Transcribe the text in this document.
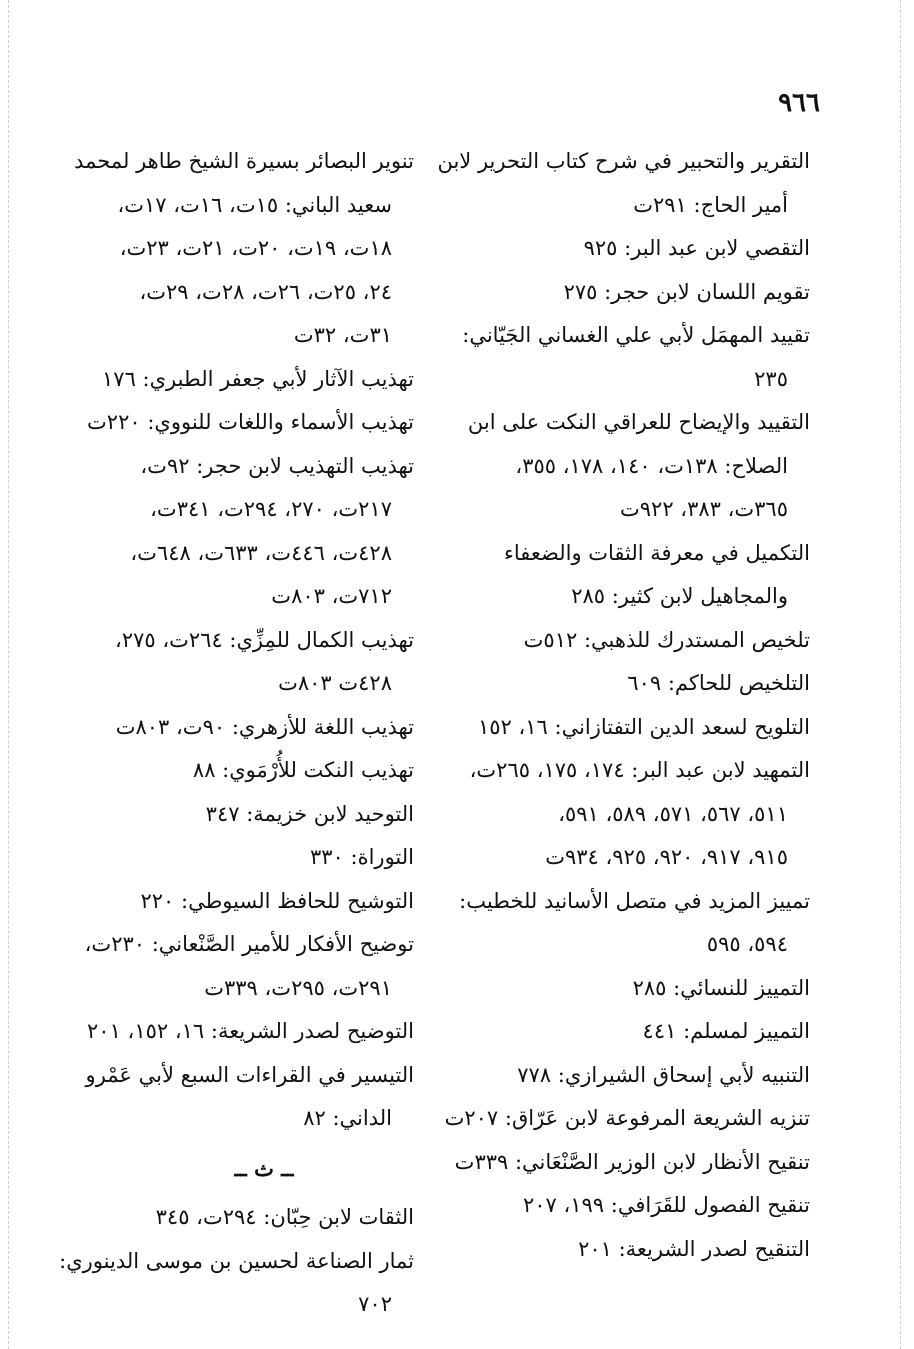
٩٦٦
التقرير والتحبير في شرح كتاب التحرير لابن
أمير الحاج: ٢٩١ت
التقصي لابن عبد البر: ٩٢٥
تقويم اللسان لابن حجر: ٢٧٥
تقييد المهمَل لأبي علي الغساني الجَيّاني:
٢٣٥
التقييد والإيضاح للعراقي النكت على ابن
الصلاح: ١٣٨ت، ١٤٠، ١٧٨، ٣٥٥،
٣٦٥ت، ٣٨٣، ٩٢٢ت
التكميل في معرفة الثقات والضعفاء
والمجاهيل لابن كثير: ٢٨٥
تلخيص المستدرك للذهبي: ٥١٢ت
التلخيص للحاكم: ٦٠٩
التلويح لسعد الدين التفتازاني: ١٦، ١٥٢
التمهيد لابن عبد البر: ١٧٤، ١٧٥، ٢٦٥ت،
٥١١، ٥٦٧، ٥٧١، ٥٨٩، ٥٩١،
٩١٥، ٩١٧، ٩٢٠، ٩٢٥، ٩٣٤ت
تمييز المزيد في متصل الأسانيد للخطيب:
٥٩٤، ٥٩٥
التمييز للنسائي: ٢٨٥
التمييز لمسلم: ٤٤١
التنبيه لأبي إسحاق الشيرازي: ٧٧٨
تنزيه الشريعة المرفوعة لابن عَرّاق: ٢٠٧ت
تنقيح الأنظار لابن الوزير الصَّنْعَاني: ٣٣٩ت
تنقيح الفصول للقَرَافي: ١٩٩، ٢٠٧
التنقيح لصدر الشريعة: ٢٠١
تنوير البصائر بسيرة الشيخ طاهر لمحمد
سعيد الباني: ١٥ت، ١٦ت، ١٧ت،
١٨ت، ١٩ت، ٢٠ت، ٢١ت، ٢٣ت،
٢٤، ٢٥ت، ٢٦ت، ٢٨ت، ٢٩ت،
٣١ت، ٣٢ت
تهذيب الآثار لأبي جعفر الطبري: ١٧٦
تهذيب الأسماء واللغات للنووي: ٢٢٠ت
تهذيب التهذيب لابن حجر: ٩٢ت،
٢١٧ت، ٢٧٠، ٢٩٤ت، ٣٤١ت،
٤٢٨ت، ٤٤٦ت، ٦٣٣ت، ٦٤٨ت،
٧١٢ت، ٨٠٣ت
تهذيب الكمال للمِزِّي: ٢٦٤ت، ٢٧٥،
٤٢٨ت ٨٠٣ت
تهذيب اللغة للأزهري: ٩٠ت، ٨٠٣ت
تهذيب النكت للأُرْمَوي: ٨٨
التوحيد لابن خزيمة: ٣٤٧
التوراة: ٣٣٠
التوشيح للحافظ السيوطي: ٢٢٠
توضيح الأفكار للأمير الصَّنْعاني: ٢٣٠ت،
٢٩١ت، ٢٩٥ت، ٣٣٩ت
التوضيح لصدر الشريعة: ١٦، ١٥٢، ٢٠١
التيسير في القراءات السبع لأبي عَمْرو
الداني: ٨٢
ــ ث ــ
الثقات لابن حِبّان: ٢٩٤ت، ٣٤٥
ثمار الصناعة لحسين بن موسى الدينوري:
٧٠٢
